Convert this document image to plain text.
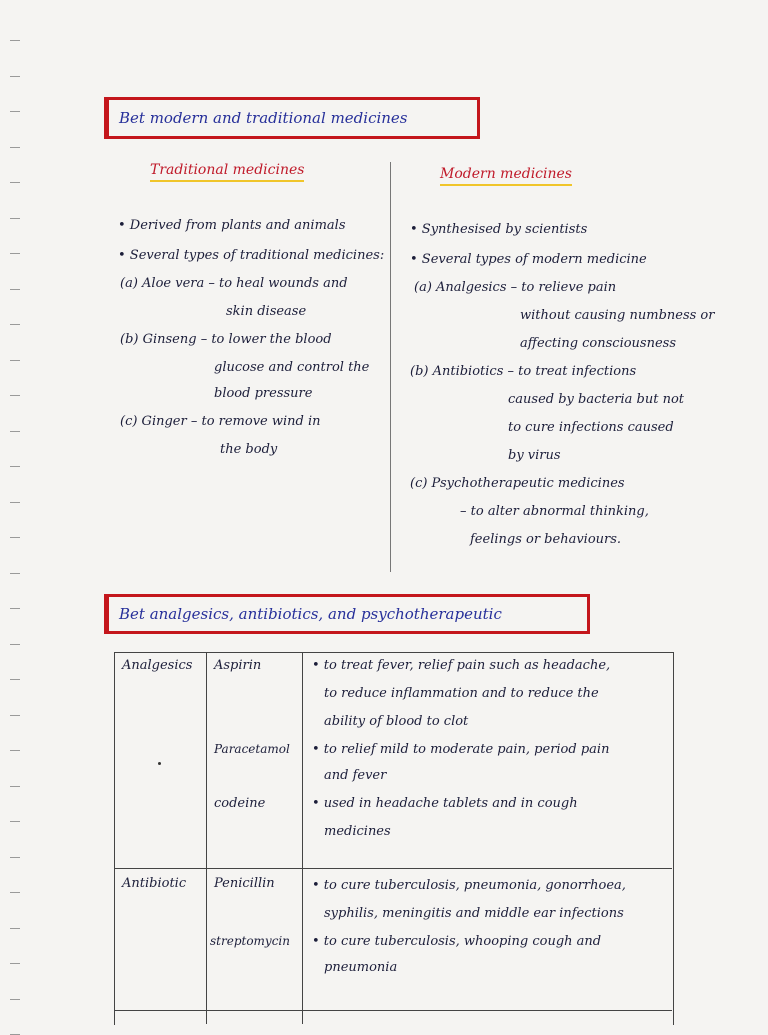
Bet modern and traditional medicines
Traditional medicines	Modern medicines
• Derived from plants and animals
• Several types of traditional medicines:
(a) Aloe vera – to heal wounds and
skin disease
(b) Ginseng – to lower the blood
glucose and control the
blood pressure
(c) Ginger – to remove wind in
the body
• Synthesised by scientists
• Several types of modern medicine
(a) Analgesics – to relieve pain
without causing numbness or
affecting consciousness
(b) Antibiotics – to treat infections
caused by bacteria but not
to cure infections caused
by virus
(c) Psychotherapeutic medicines
– to alter abnormal thinking,
feelings or behaviours.
Bet analgesics, antibiotics, and psychotherapeutic
Analgesics Aspirin	• to treat fever, relief pain such as headache,
to reduce inflammation and to reduce the
ability of blood to clot
Paracetamol • to relief mild to moderate pain, period pain
and fever
codeine	• used in headache tablets and in cough
medicines
Antibiotic Penicillin	• to cure tuberculosis, pneumonia, gonorrhoea,
syphilis, meningitis and middle ear infections
streptomycin • to cure tuberculosis, whooping cough and
pneumonia
